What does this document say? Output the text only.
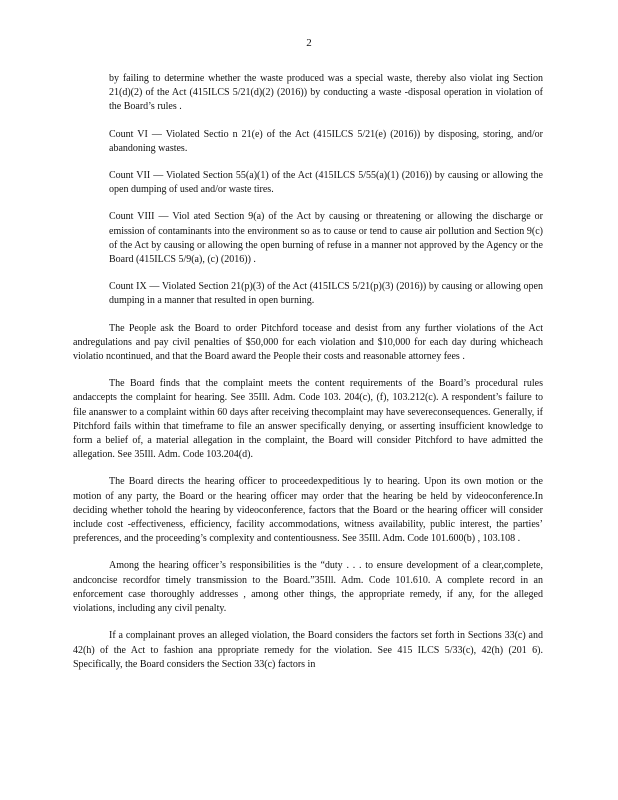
2

by failing to determine whether the waste produced was a special waste, thereby also violat ing Section 21(d)(2) of the Act (415ILCS 5/21(d)(2) (2016)) by conducting a waste -disposal operation in violation of the Board’s rules .

Count VI — Violated Sectio n 21(e) of the Act (415ILCS 5/21(e) (2016)) by disposing, storing, and/or abandoning wastes.

Count VII — Violated Section 55(a)(1) of the Act (415ILCS 5/55(a)(1) (2016)) by causing or allowing the open dumping of used and/or waste tires.

Count VIII — Viol ated Section 9(a) of the Act by causing or threatening or allowing the discharge or emission of contaminants into the environment so as to cause or tend to cause air pollution and Section 9(c) of the Act by causing or allowing the open burning of refuse in a manner not approved by the Agency or the Board (415ILCS 5/9(a), (c) (2016)) .

Count IX — Violated Section 21(p)(3) of the Act (415ILCS 5/21(p)(3) (2016)) by causing or allowing open dumping in a manner that resulted in open burning.

The People ask the Board to order Pitchford tocease and desist from any further violations of the Act andregulations and pay civil penalties of $50,000 for each violation and $10,000 for each day during whicheach violatio ncontinued, and that the Board award the People their costs and reasonable attorney fees .

The Board finds that the complaint meets the content requirements of the Board’s procedural rules andaccepts the complaint for hearing. See 35Ill. Adm. Code 103. 204(c), (f), 103.212(c). A respondent’s failure to file ananswer to a complaint within 60 days after receiving thecomplaint may have severeconsequences. Generally, if Pitchford fails within that timeframe to file an answer specifically denying, or asserting insufficient knowledge to form a belief of, a material allegation in the complaint, the Board will consider Pitchford to have admitted the allegation. See 35Ill. Adm. Code 103.204(d).

The Board directs the hearing officer to proceedexpeditious ly to hearing. Upon its own motion or the motion of any party, the Board or the hearing officer may order that the hearing be held by videoconference.In deciding whether tohold the hearing by videoconference, factors that the Board or the hearing officer will consider include cost -effectiveness, efficiency, facility accommodations, witness availability, public interest, the parties’ preferences, and the proceeding’s complexity and contentiousness. See 35Ill. Adm. Code 101.600(b) , 103.108 .

Among the hearing officer’s responsibilities is the “duty . . . to ensure development of a clear,complete, andconcise recordfor timely transmission to the Board.”35Ill. Adm. Code 101.610. A complete record in an enforcement case thoroughly addresses , among other things, the appropriate remedy, if any, for the alleged violations, including any civil penalty.

If a complainant proves an alleged violation, the Board considers the factors set forth in Sections 33(c) and 42(h) of the Act to fashion ana ppropriate remedy for the violation. See 415 ILCS 5/33(c), 42(h) (201 6). Specifically, the Board considers the Section 33(c) factors in
